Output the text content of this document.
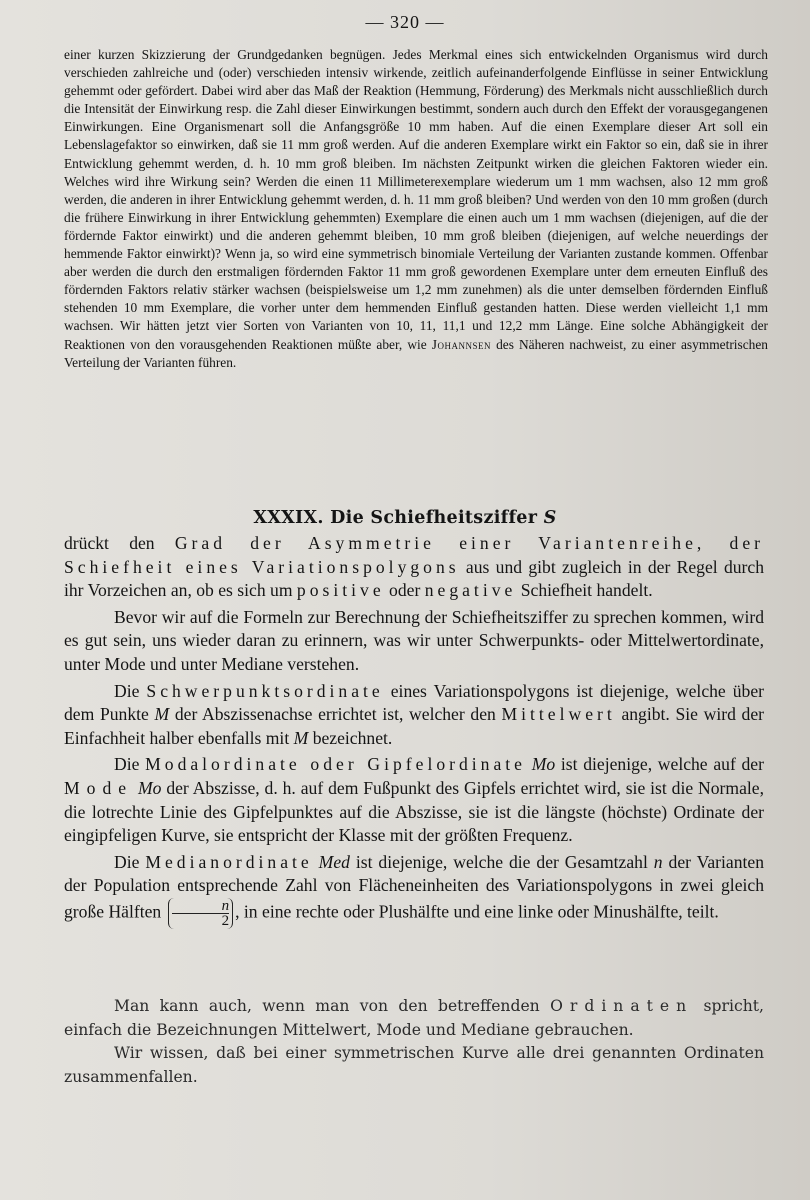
— 320 —
einer kurzen Skizzierung der Grundgedanken begnügen. Jedes Merkmal eines sich entwickelnden Organismus wird durch verschieden zahlreiche und (oder) verschieden intensiv wirkende, zeitlich aufeinanderfolgende Einflüsse in seiner Entwicklung gehemmt oder gefördert. Dabei wird aber das Maß der Reaktion (Hemmung, Förderung) des Merkmals nicht ausschließlich durch die Intensität der Einwirkung resp. die Zahl dieser Einwirkungen bestimmt, sondern auch durch den Effekt der vorausgegangenen Einwirkungen. Eine Organismenart soll die Anfangsgröße 10 mm haben. Auf die einen Exemplare dieser Art soll ein Lebenslagefaktor so einwirken, daß sie 11 mm groß werden. Auf die anderen Exemplare wirkt ein Faktor so ein, daß sie in ihrer Entwicklung gehemmt werden, d. h. 10 mm groß bleiben. Im nächsten Zeitpunkt wirken die gleichen Faktoren wieder ein. Welches wird ihre Wirkung sein? Werden die einen 11 Millimeterexemplare wiederum um 1 mm wachsen, also 12 mm groß werden, die anderen in ihrer Entwicklung gehemmt werden, d. h. 11 mm groß bleiben? Und werden von den 10 mm großen (durch die frühere Einwirkung in ihrer Entwicklung gehemmten) Exemplare die einen auch um 1 mm wachsen (diejenigen, auf die der fördernde Faktor einwirkt) und die anderen gehemmt bleiben, 10 mm groß bleiben (diejenigen, auf welche neuerdings der hemmende Faktor einwirkt)? Wenn ja, so wird eine symmetrisch binomiale Verteilung der Varianten zustande kommen. Offenbar aber werden die durch den erstmaligen fördernden Faktor 11 mm groß gewordenen Exemplare unter dem erneuten Einfluß des fördernden Faktors relativ stärker wachsen (beispielsweise um 1,2 mm zunehmen) als die unter demselben fördernden Einfluß stehenden 10 mm Exemplare, die vorher unter dem hemmenden Einfluß gestanden hatten. Diese werden vielleicht 1,1 mm wachsen. Wir hätten jetzt vier Sorten von Varianten von 10, 11, 11,1 und 12,2 mm Länge. Eine solche Abhängigkeit der Reaktionen von den vorausgehenden Reaktionen müßte aber, wie Johannsen des Näheren nachweist, zu einer asymmetrischen Verteilung der Varianten führen.
XXXIX. Die Schiefheitsziffer S

drückt den Grad der Asymmetrie einer Variantenreihe, der Schiefheit eines Variationspolygons aus und gibt zugleich in der Regel durch ihr Vorzeichen an, ob es sich um positive oder negative Schiefheit handelt.

Bevor wir auf die Formeln zur Berechnung der Schiefheitsziffer zu sprechen kommen, wird es gut sein, uns wieder daran zu erinnern, was wir unter Schwerpunkts- oder Mittelwertordinate, unter Mode und unter Mediane verstehen.

Die Schwerpunktsordinate eines Variationspolygons ist diejenige, welche über dem Punkte M der Abszissenachse errichtet ist, welcher den Mittelwert angibt. Sie wird der Einfachheit halber ebenfalls mit M bezeichnet.

Die Modalordinate oder Gipfelordinate Mo ist diejenige, welche auf der Mode Mo der Abszisse, d. h. auf dem Fußpunkt des Gipfels errichtet wird, sie ist die Normale, die lotrechte Linie des Gipfelpunktes auf die Abszisse, sie ist die längste (höchste) Ordinate der eingipfeligen Kurve, sie entspricht der Klasse mit der größten Frequenz.

Die Medianordinate Med ist diejenige, welche die der Gesamtzahl n der Varianten der Population entsprechende Zahl von Flächeneinheiten des Variationspolygons in zwei gleich große Hälften $\frac{n}{2}$ , in eine rechte oder Plushälfte und eine linke oder Minushälfte, teilt.

Man kann auch, wenn man von den betreffenden Ordinaten spricht, einfach die Bezeichnungen Mittelwert, Mode und Mediane gebrauchen.

Wir wissen, daß bei einer symmetrischen Kurve alle drei genannten Ordinaten zusammenfallen.
